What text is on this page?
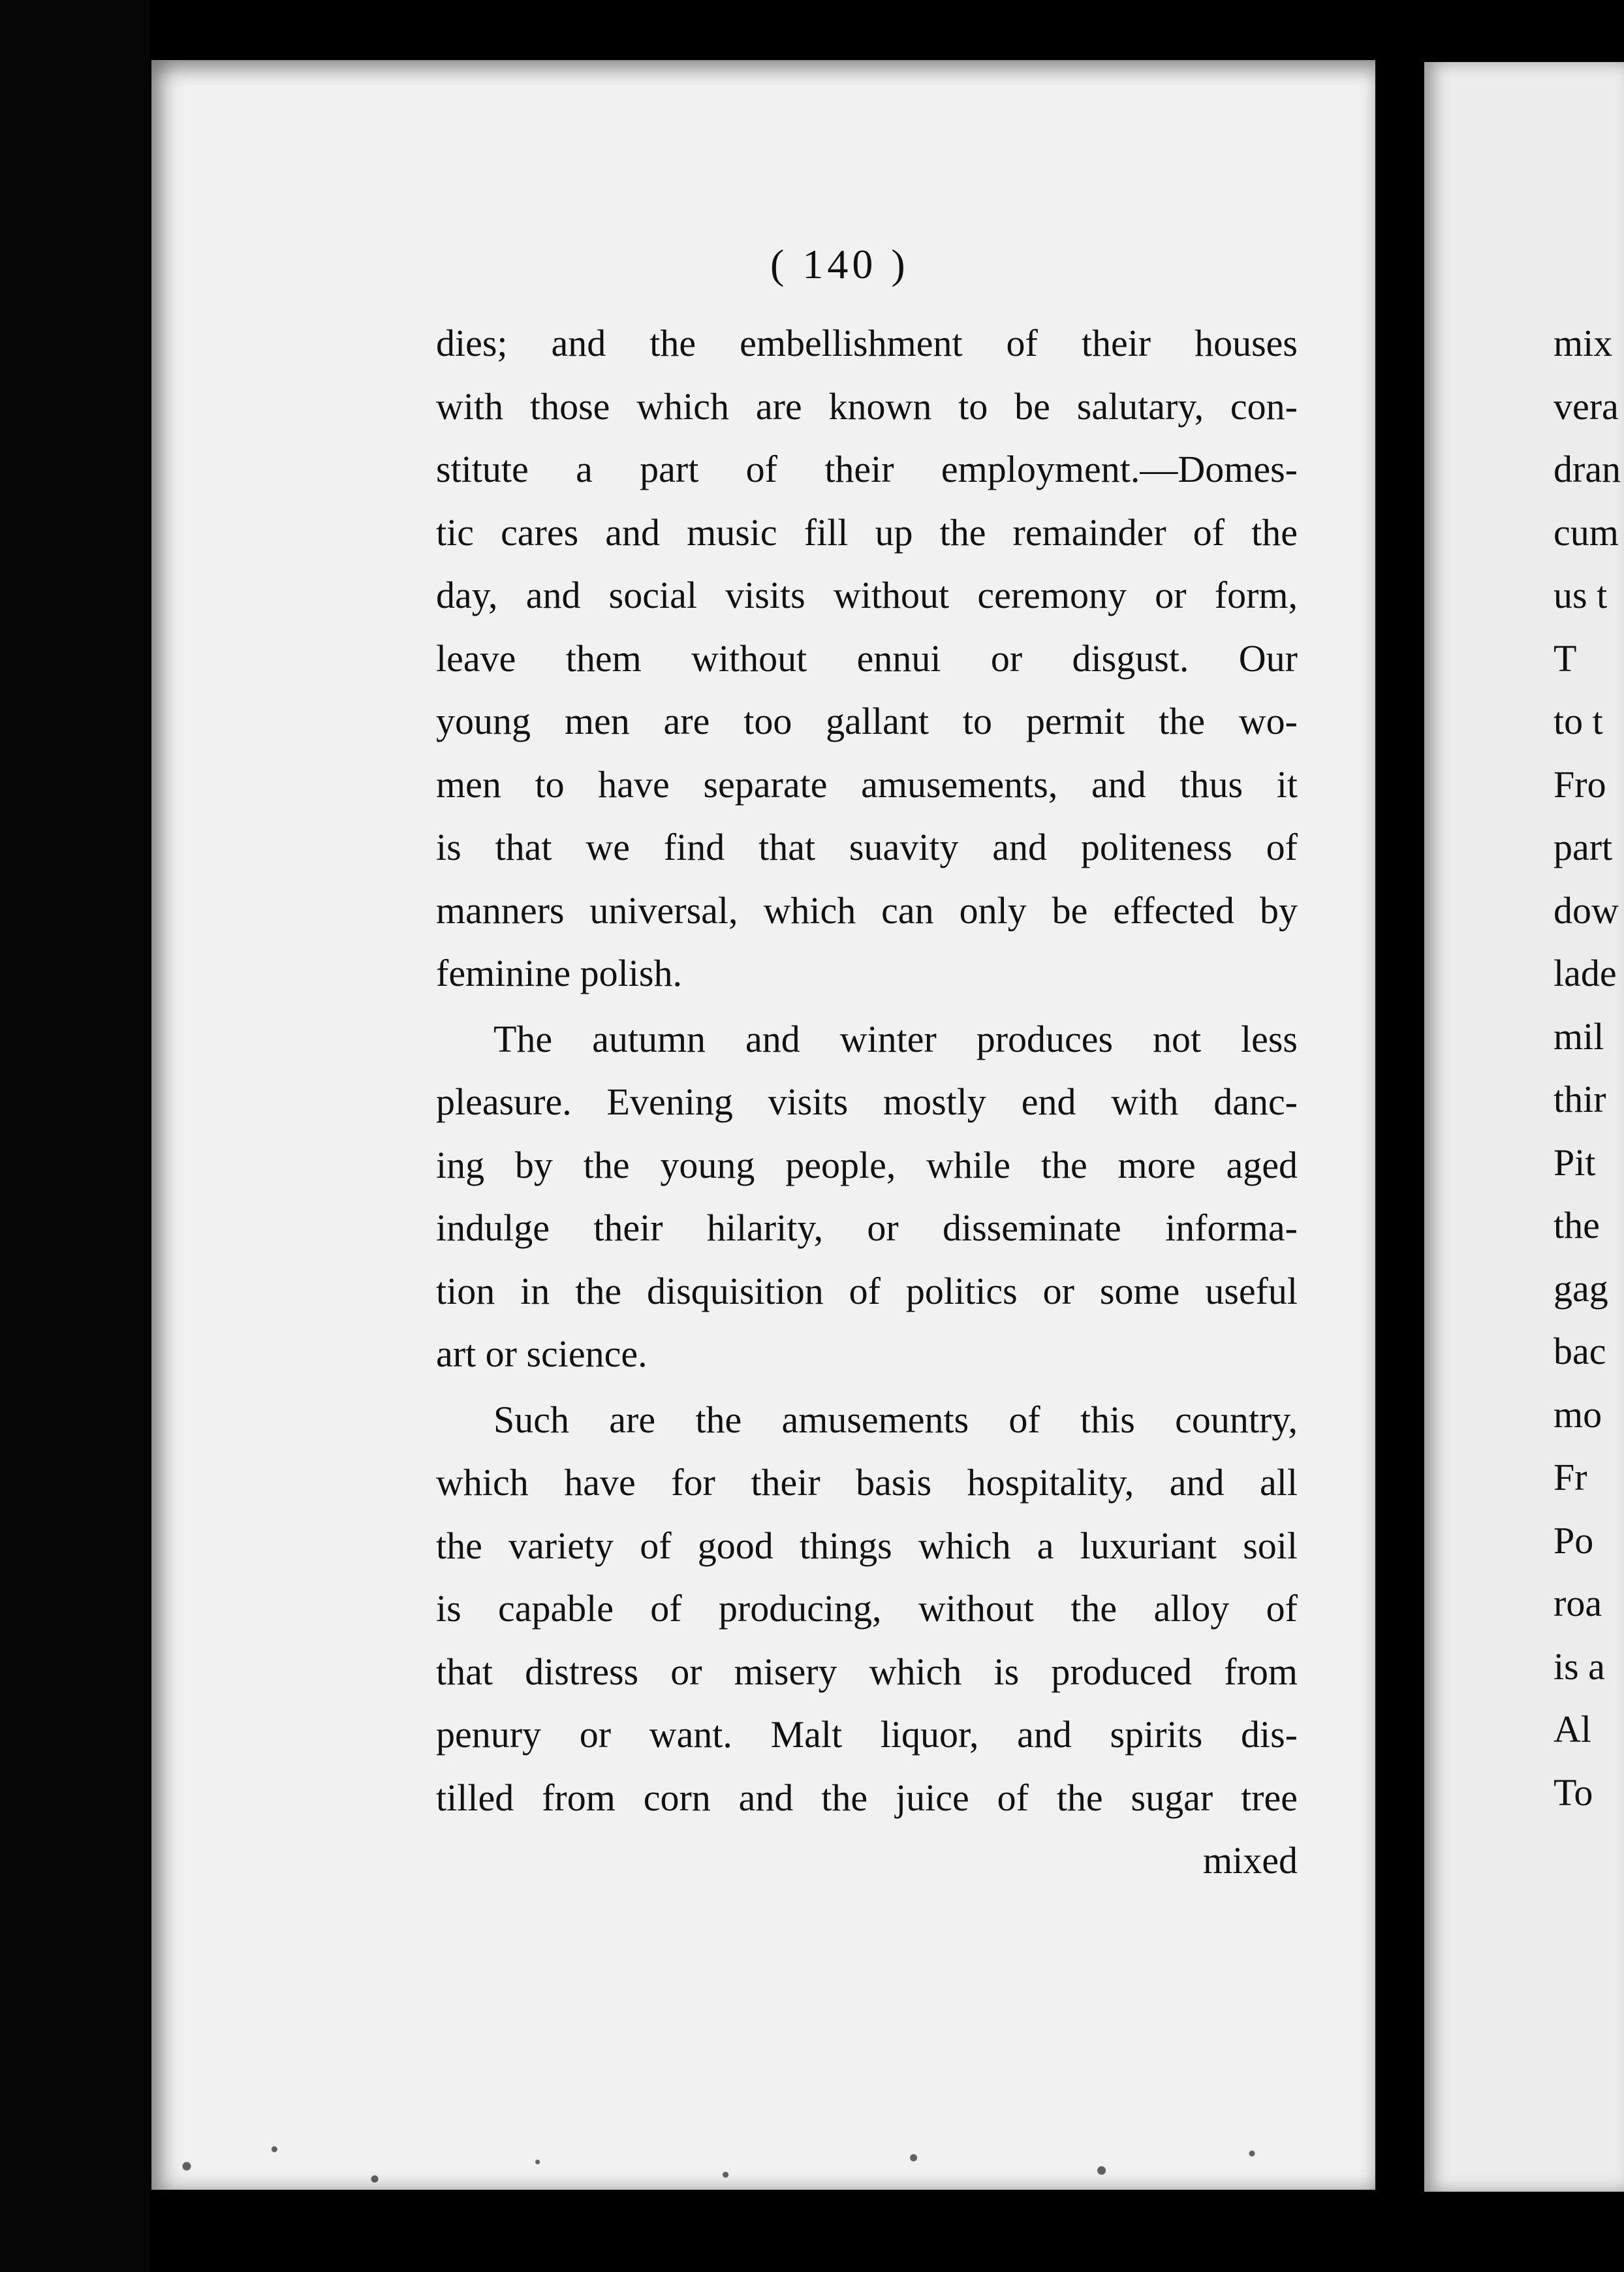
( 140 )
dies; and the embellishment of their houses
with those which are known to be salutary, con-
stitute a part of their employment.—Domes-
tic cares and music fill up the remainder of the
day, and social visits without ceremony or form,
leave them without ennui or disgust. Our
young men are too gallant to permit the wo-
men to have separate amusements, and thus it
is that we find that suavity and politeness of
manners universal, which can only be effected by
feminine polish.
The autumn and winter produces not less
pleasure. Evening visits mostly end with danc-
ing by the young people, while the more aged
indulge their hilarity, or disseminate informa-
tion in the disquisition of politics or some useful
art or science.
Such are the amusements of this country,
which have for their basis hospitality, and all
the variety of good things which a luxuriant soil
is capable of producing, without the alloy of
that distress or misery which is produced from
penury or want. Malt liquor, and spirits dis-
tilled from corn and the juice of the sugar tree
mixed
mix
vera
dran
cum
us t
T
to t
Fro
part
dow
lade
mil
thir
Pit
the
gag
bac
mo
Fr
Po
roa
is a
Al
To
